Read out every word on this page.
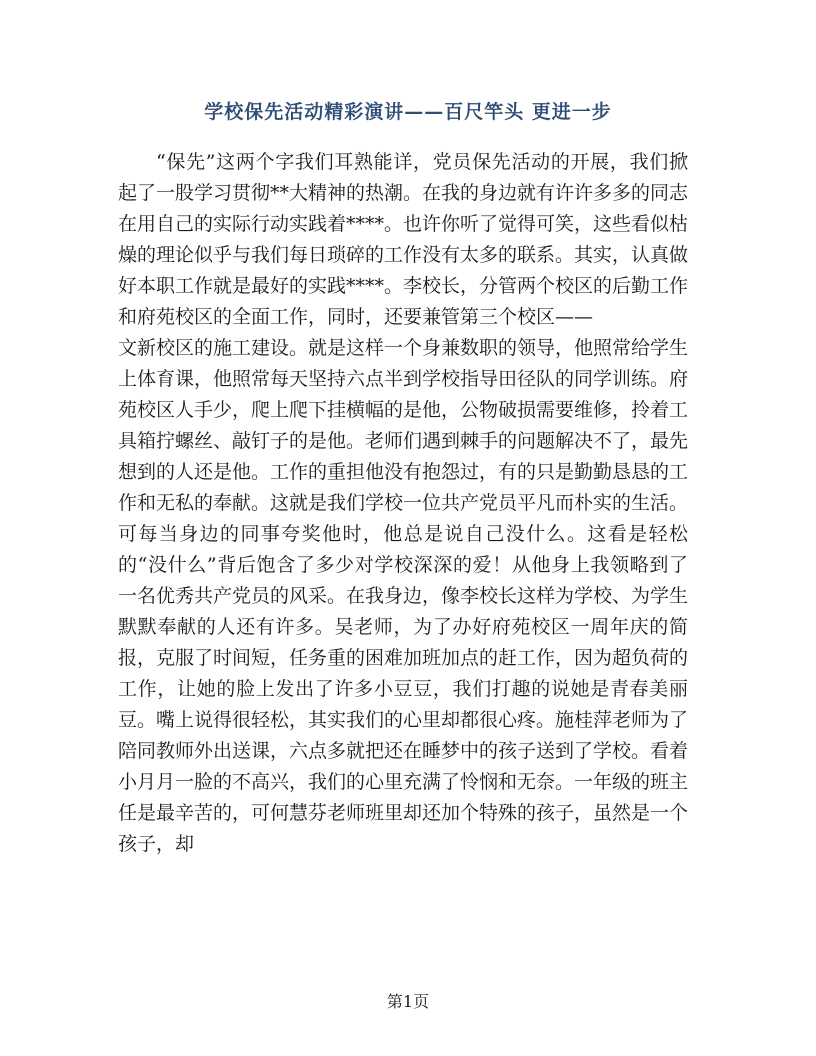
学校保先活动精彩演讲——百尺竿头 更进一步

“保先”这两个字我们耳熟能详，党员保先活动的开展，我们掀起了一股学习贯彻**大精神的热潮。在我的身边就有许许多多的同志在用自己的实际行动实践着****。也许你听了觉得可笑，这些看似枯燥的理论似乎与我们每日琐碎的工作没有太多的联系。其实，认真做好本职工作就是最好的实践****。李校长，分管两个校区的后勤工作和府苑校区的全面工作，同时，还要兼管第三个校区——

文新校区的施工建设。就是这样一个身兼数职的领导，他照常给学生上体育课，他照常每天坚持六点半到学校指导田径队的同学训练。府苑校区人手少，爬上爬下挂横幅的是他，公物破损需要维修，拎着工具箱拧螺丝、敲钉子的是他。老师们遇到棘手的问题解决不了，最先想到的人还是他。工作的重担他没有抱怨过，有的只是勤勤恳恳的工作和无私的奉献。这就是我们学校一位共产党员平凡而朴实的生活。可每当身边的同事夸奖他时，他总是说自己没什么。这看是轻松的“没什么”背后饱含了多少对学校深深的爱！从他身上我领略到了一名优秀共产党员的风采。在我身边，像李校长这样为学校、为学生默默奉献的人还有许多。吴老师，为了办好府苑校区一周年庆的简报，克服了时间短，任务重的困难加班加点的赶工作，因为超负荷的工作，让她的脸上发出了许多小豆豆，我们打趣的说她是青春美丽豆。嘴上说得很轻松，其实我们的心里却都很心疼。施桂萍老师为了陪同教师外出送课，六点多就把还在睡梦中的孩子送到了学校。看着小月月一脸的不高兴，我们的心里充满了怜悯和无奈。一年级的班主任是最辛苦的，可何慧芬老师班里却还加个特殊的孩子，虽然是一个孩子，却

第1页
